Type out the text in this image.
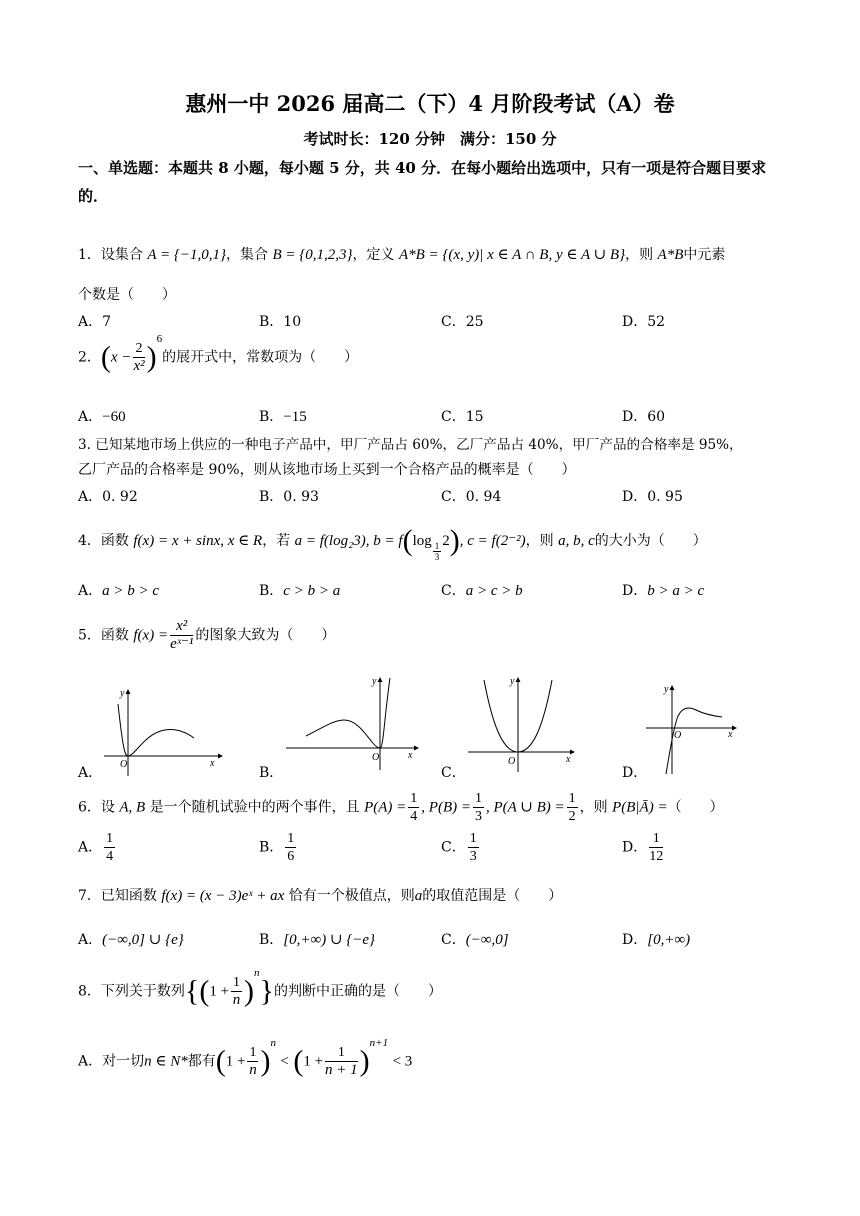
惠州一中 2026 届高二（下）4 月阶段考试（A）卷
考试时长：120 分钟　满分：150 分
一、单选题：本题共 8 小题，每小题 5 分，共 40 分．在每小题给出选项中，只有一项是符合题目要求
的．
1．设集合 A = {−1,0,1}，集合 B = {0,1,2,3}，定义 A*B = {(x, y)| x ∈ A ∩ B, y ∈ A ∪ B}，则 A*B中元素
个数是（　　）
A．7	B．10	C．25	D．52
2．$(x - \frac{2}{\text{x²}} )^6$的展开式中，常数项为（　　）
A．−60	B．−15	C．15	D．60
3. 已知某地市场上供应的一种电子产品中，甲厂产品占 60%，乙厂产品占 40%，甲厂产品的合格率是 95%，
乙厂产品的合格率是 90%，则从该地市场上买到一个合格产品的概率是（　　）
A．0. 92	B．0. 93	C．0. 94	D．0. 95
4．函数 f(x) = x + sinx, x ∈ R，若 a = f(log₂3), $b = f(\log \frac{1}{3} 2)$, c = f(2⁻²)，则 a, b, c的大小为（　　）
A．a > b > c	B．c > b > a	C．a > c > b	D．b > a > c
5．函数 $f(x) = \frac{\text{x²}}{\text{eˣ⁻¹}}$ 的图象大致为（　　）
O	x
y
A．
O	x
y
B．
O	x
y
C．
O	x
y
D．
6．设 A, B 是一个随机试验中的两个事件，且 $P(A) = \frac{1}{4}$ , $P(B) = \frac{1}{3}$ , P(A ∪ $B) = \frac{1}{2}$ ，则 P(B|Ā) =（　　）
A． $\frac{1}{4}$	B． $\frac{1}{6}$	C． $\frac{1}{3}$	D． $\frac{1}{12}$
7．已知函数 f(x) = (x − 3)eˣ + ax 恰有一个极值点，则a的取值范围是（　　）
A．(−∞,0] ∪ {e}	B．[0,+∞) ∪ {−e}	C．(−∞,0]	D．[0,+∞)
8．下列关于数列$\{(1 + \frac{1}{n} )^n\}$的判断中正确的是（　　）
A．对一切n ∈ N*都有$(1 + \frac{1}{n} )^n < (1 + \frac{1}{n + 1} )^{n+1} < 3$
